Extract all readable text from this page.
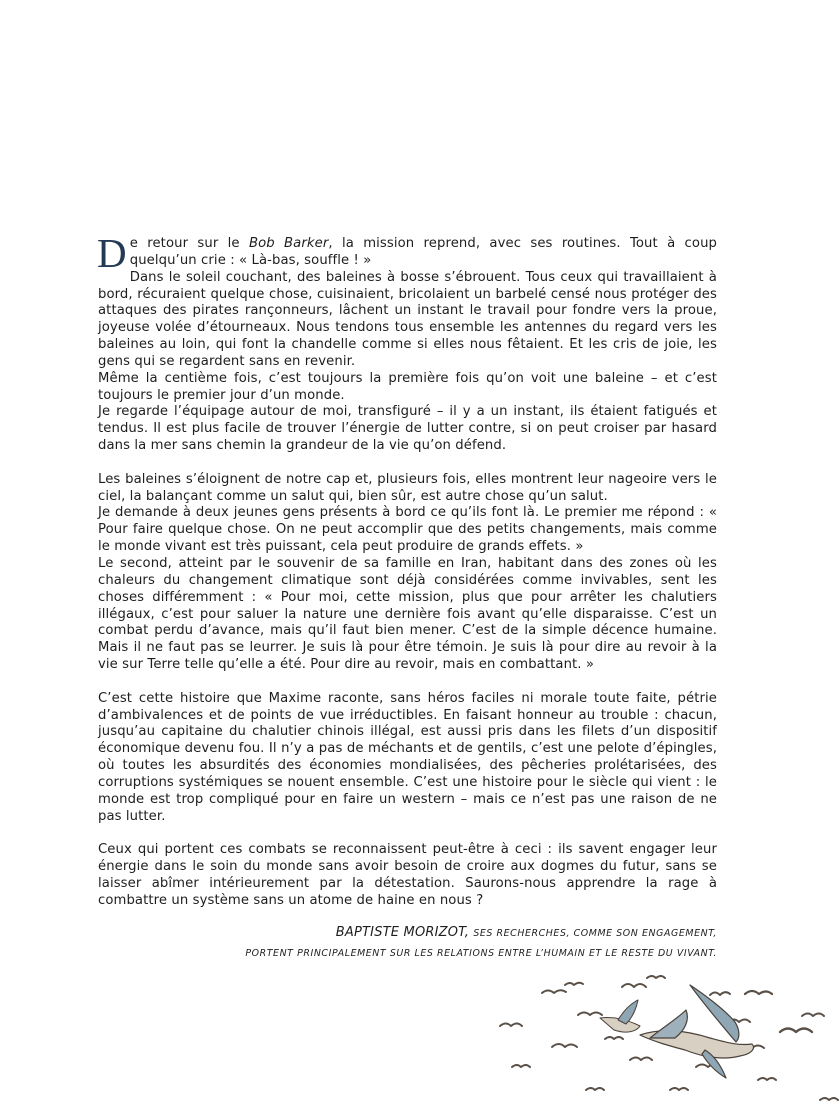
De retour sur le Bob Barker, la mission reprend, avec ses routines. Tout à coup quelqu’un crie : « Là-bas, souffle ! »

Dans le soleil couchant, des baleines à bosse s’ébrouent. Tous ceux qui travaillaient à bord, récuraient quelque chose, cuisinaient, bricolaient un barbelé censé nous protéger des attaques des pirates rançonneurs, lâchent un instant le travail pour fondre vers la proue, joyeuse volée d’étourneaux. Nous tendons tous ensemble les antennes du regard vers les baleines au loin, qui font la chandelle comme si elles nous fêtaient. Et les cris de joie, les gens qui se regardent sans en revenir.

Même la centième fois, c’est toujours la première fois qu’on voit une baleine – et c’est toujours le premier jour d’un monde.

Je regarde l’équipage autour de moi, transfiguré – il y a un instant, ils étaient fatigués et tendus. Il est plus facile de trouver l’énergie de lutter contre, si on peut croiser par hasard dans la mer sans chemin la grandeur de la vie qu’on défend.

Les baleines s’éloignent de notre cap et, plusieurs fois, elles montrent leur nageoire vers le ciel, la balançant comme un salut qui, bien sûr, est autre chose qu’un salut.

Je demande à deux jeunes gens présents à bord ce qu’ils font là. Le premier me répond : « Pour faire quelque chose. On ne peut accomplir que des petits changements, mais comme le monde vivant est très puissant, cela peut produire de grands effets. »

Le second, atteint par le souvenir de sa famille en Iran, habitant dans des zones où les chaleurs du changement climatique sont déjà considérées comme invivables, sent les choses différemment : « Pour moi, cette mission, plus que pour arrêter les chalutiers illégaux, c’est pour saluer la nature une dernière fois avant qu’elle disparaisse. C’est un combat perdu d’avance, mais qu’il faut bien mener. C’est de la simple décence humaine. Mais il ne faut pas se leurrer. Je suis là pour être témoin. Je suis là pour dire au revoir à la vie sur Terre telle qu’elle a été. Pour dire au revoir, mais en combattant. »

C’est cette histoire que Maxime raconte, sans héros faciles ni morale toute faite, pétrie d’ambivalences et de points de vue irréductibles. En faisant honneur au trouble : chacun, jusqu’au capitaine du chalutier chinois illégal, est aussi pris dans les filets d’un dispositif économique devenu fou. Il n’y a pas de méchants et de gentils, c’est une pelote d’épingles, où toutes les absurdités des économies mondialisées, des pêcheries prolétarisées, des corruptions systémiques se nouent ensemble. C’est une histoire pour le siècle qui vient : le monde est trop compliqué pour en faire un western – mais ce n’est pas une raison de ne pas lutter.

Ceux qui portent ces combats se reconnaissent peut-être à ceci : ils savent engager leur énergie dans le soin du monde sans avoir besoin de croire aux dogmes du futur, sans se laisser abîmer intérieurement par la détestation. Saurons-nous apprendre la rage à combattre un système sans un atome de haine en nous ?

BAPTISTE MORIZOT, SES RECHERCHES, COMME SON ENGAGEMENT,
PORTENT PRINCIPALEMENT SUR LES RELATIONS ENTRE L’HUMAIN ET LE RESTE DU VIVANT.
